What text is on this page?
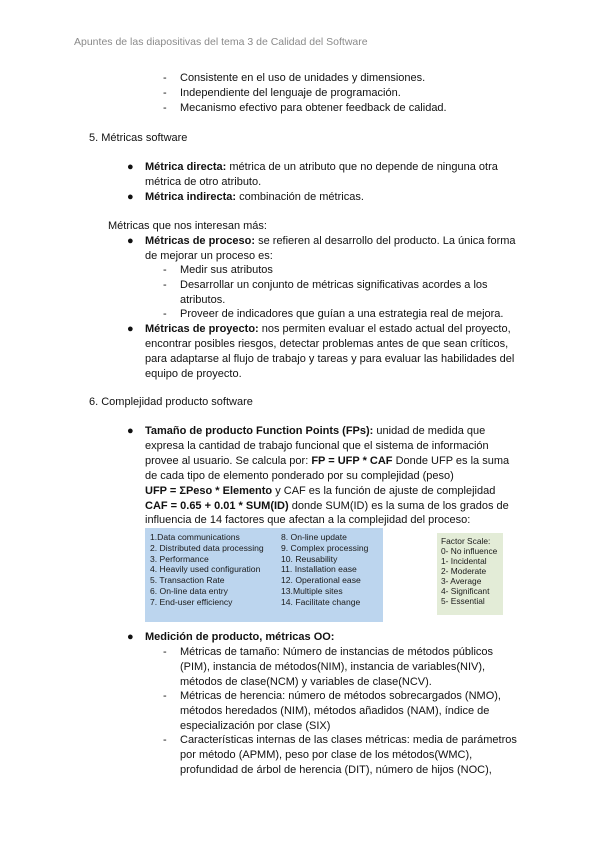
Apuntes de las diapositivas del tema 3 de Calidad del Software
-	Consistente en el uso de unidades y dimensiones.
-	Independiente del lenguaje de programación.
-	Mecanismo efectivo para obtener feedback de calidad.
5. Métricas software
● Métrica directa: métrica de un atributo que no depende de ninguna otra
métrica de otro atributo.
● Métrica indirecta: combinación de métricas.
Métricas que nos interesan más:
● Métricas de proceso: se refieren al desarrollo del producto. La única forma
de mejorar un proceso es:
-	Medir sus atributos
-	Desarrollar un conjunto de métricas significativas acordes a los
atributos.
-	Proveer de indicadores que guían a una estrategia real de mejora.
● Métricas de proyecto: nos permiten evaluar el estado actual del proyecto,
encontrar posibles riesgos, detectar problemas antes de que sean críticos,
para adaptarse al flujo de trabajo y tareas y para evaluar las habilidades del
equipo de proyecto.
6. Complejidad producto software
● Tamaño de producto Function Points (FPs): unidad de medida que
expresa la cantidad de trabajo funcional que el sistema de información
provee al usuario. Se calcula por: FP = UFP * CAF Donde UFP es la suma
de cada tipo de elemento ponderado por su complejidad (peso)
UFP = ΣPeso * Elemento y CAF es la función de ajuste de complejidad
CAF = 0.65 + 0.01 * SUM(ID) donde SUM(ID) es la suma de los grados de
influencia de 14 factores que afectan a la complejidad del proceso:
1.Data communications
2. Distributed data processing
3. Performance
4. Heavily used configuration
5. Transaction Rate
6. On-line data entry
7. End-user efficiency
8. On-line update
9. Complex processing
10. Reusability
11. Installation ease
12. Operational ease
13.Multiple sites
14. Facilitate change
Factor Scale:
0- No influence
1- Incidental
2- Moderate
3- Average
4- Significant
5- Essential
● Medición de producto, métricas OO:
-	Métricas de tamaño: Número de instancias de métodos públicos
(PIM), instancia de métodos(NIM), instancia de variables(NIV),
métodos de clase(NCM) y variables de clase(NCV).
-	Métricas de herencia: número de métodos sobrecargados (NMO),
métodos heredados (NIM), métodos añadidos (NAM), índice de
especialización por clase (SIX)
-	Características internas de las clases métricas: media de parámetros
por método (APMM), peso por clase de los métodos(WMC),
profundidad de árbol de herencia (DIT), número de hijos (NOC),
